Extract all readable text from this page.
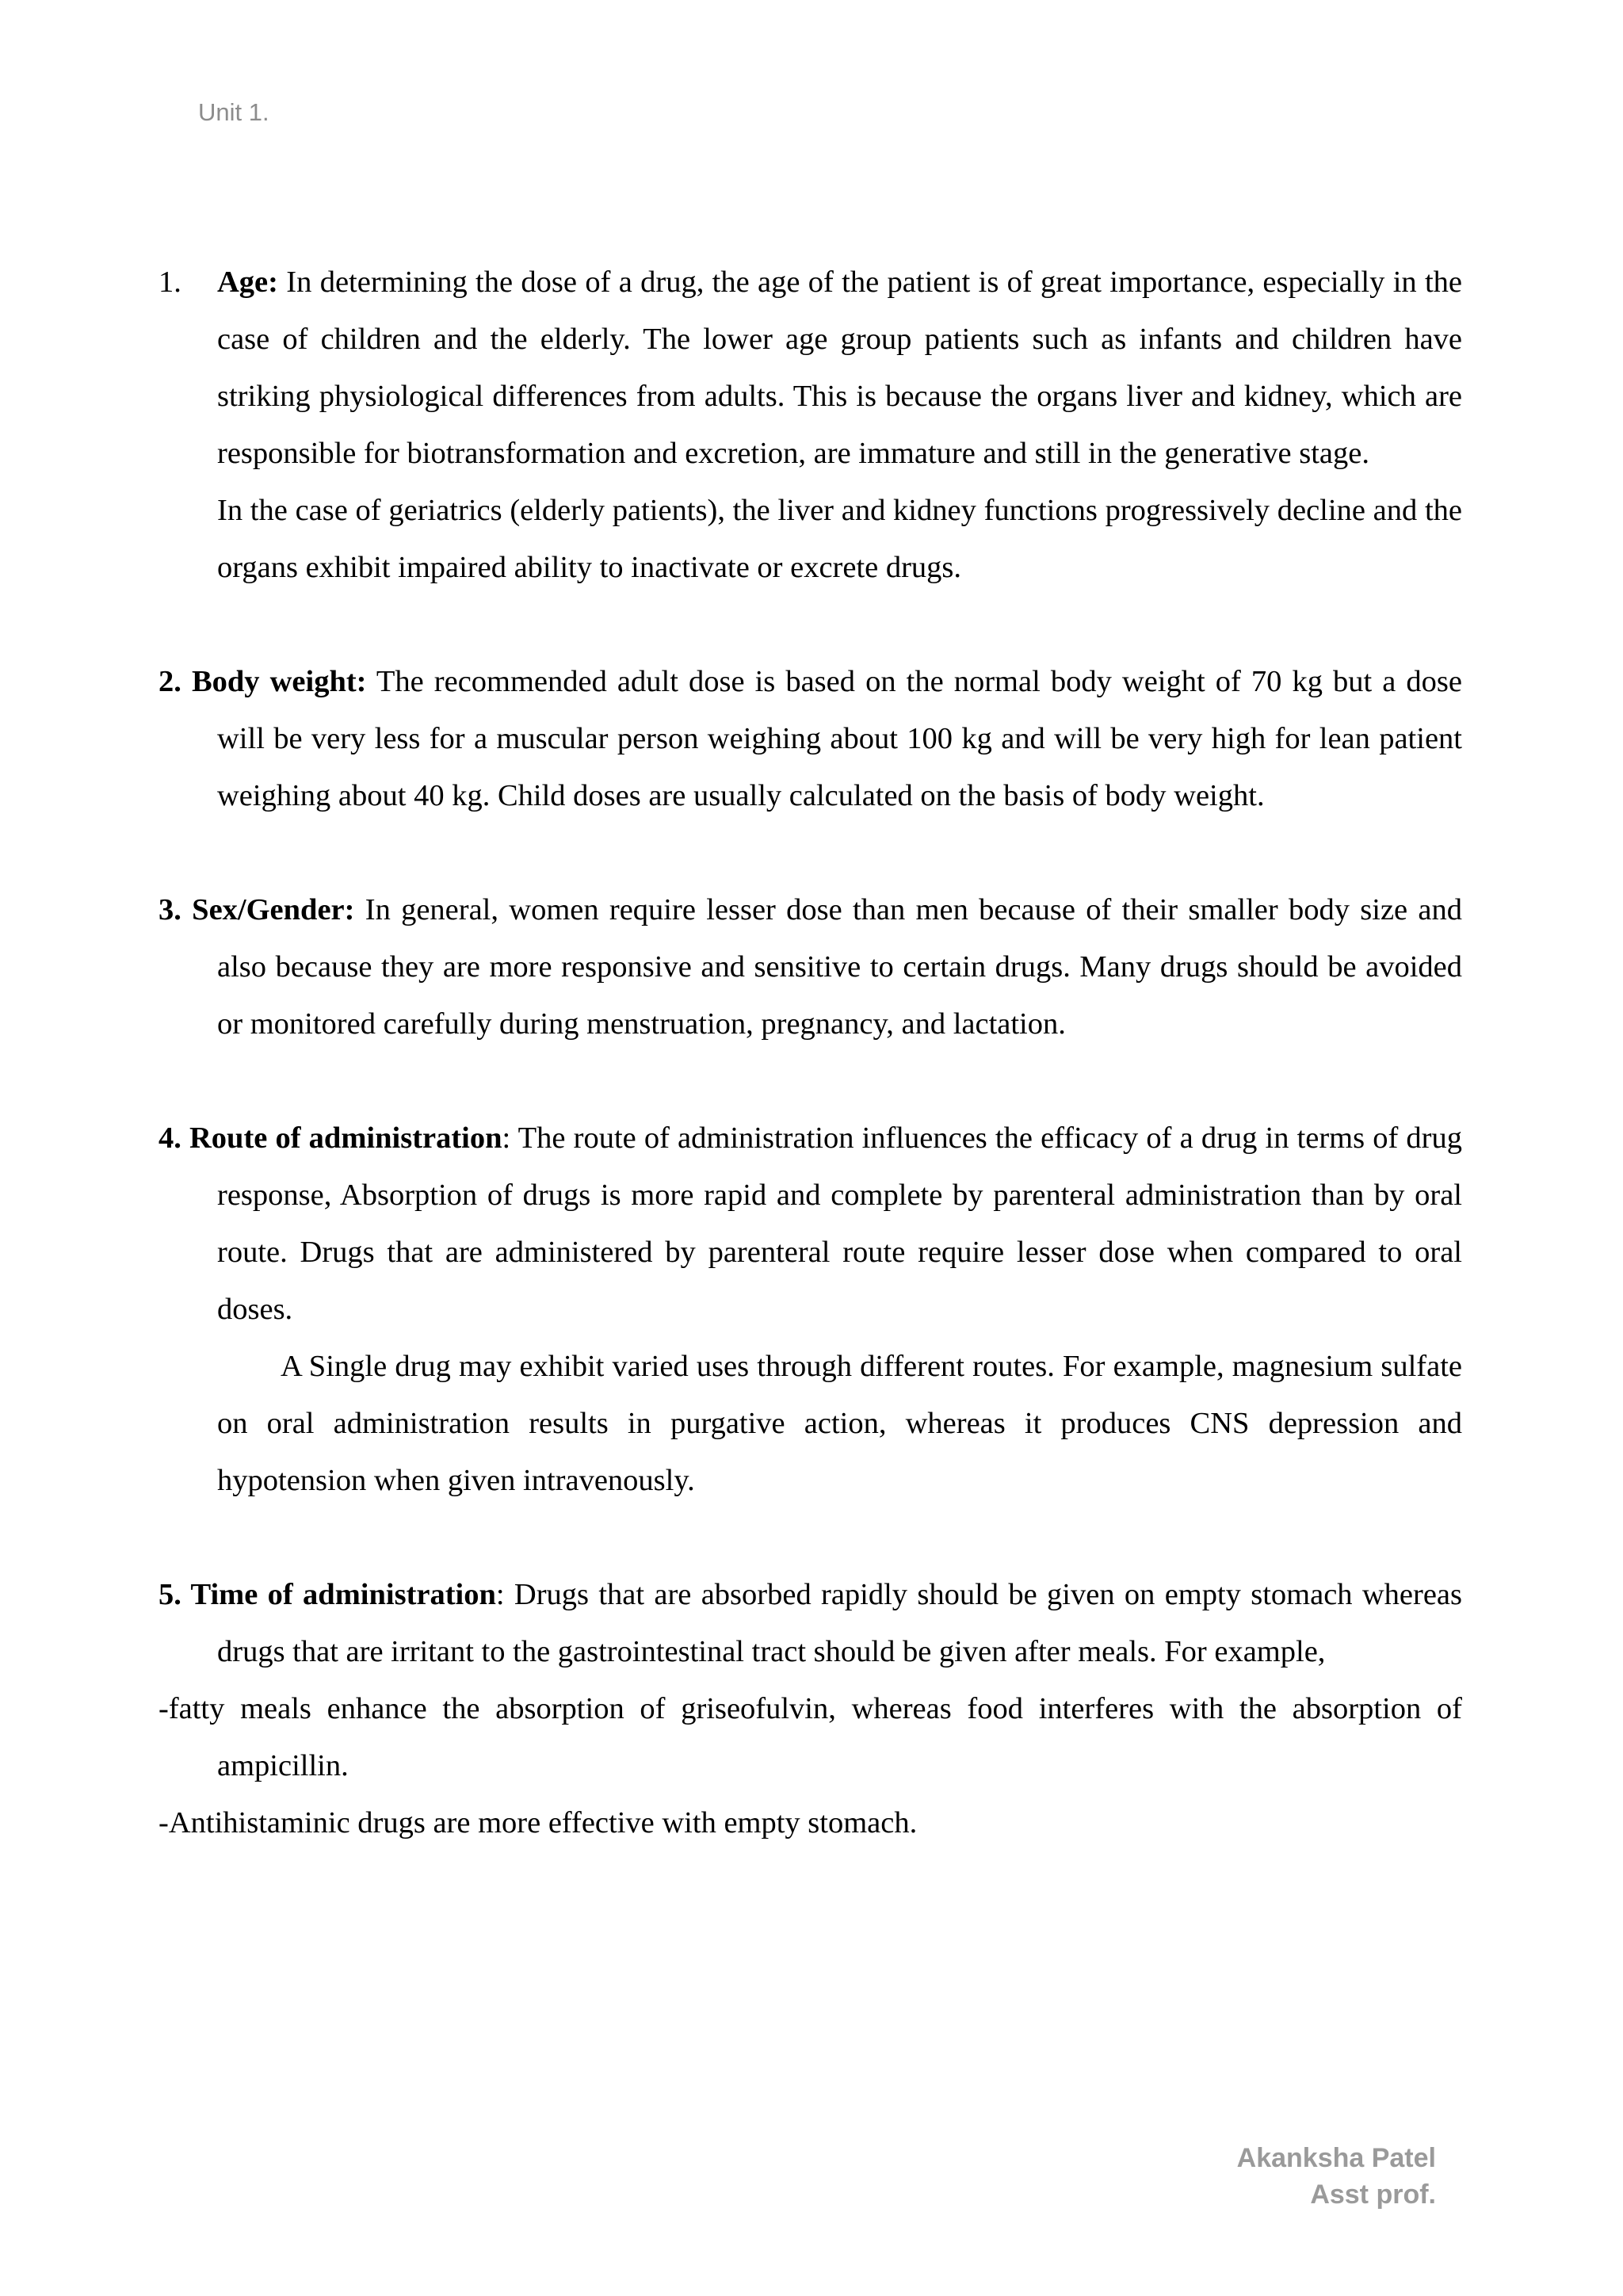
Unit 1.

1. Age: In determining the dose of a drug, the age of the patient is of great importance, especially in the case of children and the elderly. The lower age group patients such as infants and children have striking physiological differences from adults. This is because the organs liver and kidney, which are responsible for biotransformation and excretion, are immature and still in the generative stage.

In the case of geriatrics (elderly patients), the liver and kidney functions progressively decline and the organs exhibit impaired ability to inactivate or excrete drugs.

2. Body weight: The recommended adult dose is based on the normal body weight of 70 kg but a dose will be very less for a muscular person weighing about 100 kg and will be very high for lean patient weighing about 40 kg. Child doses are usually calculated on the basis of body weight.

3. Sex/Gender: In general, women require lesser dose than men because of their smaller body size and also because they are more responsive and sensitive to certain drugs. Many drugs should be avoided or monitored carefully during menstruation, pregnancy, and lactation.

4. Route of administration: The route of administration influences the efficacy of a drug in terms of drug response, Absorption of drugs is more rapid and complete by parenteral administration than by oral route. Drugs that are administered by parenteral route require lesser dose when compared to oral doses.

A Single drug may exhibit varied uses through different routes. For example, magnesium sulfate on oral administration results in purgative action, whereas it produces CNS depression and hypotension when given intravenously.

5. Time of administration: Drugs that are absorbed rapidly should be given on empty stomach whereas drugs that are irritant to the gastrointestinal tract should be given after meals. For example,

-fatty meals enhance the absorption of griseofulvin, whereas food interferes with the absorption of ampicillin.

-Antihistaminic drugs are more effective with empty stomach.

Akanksha Patel
Asst prof.
